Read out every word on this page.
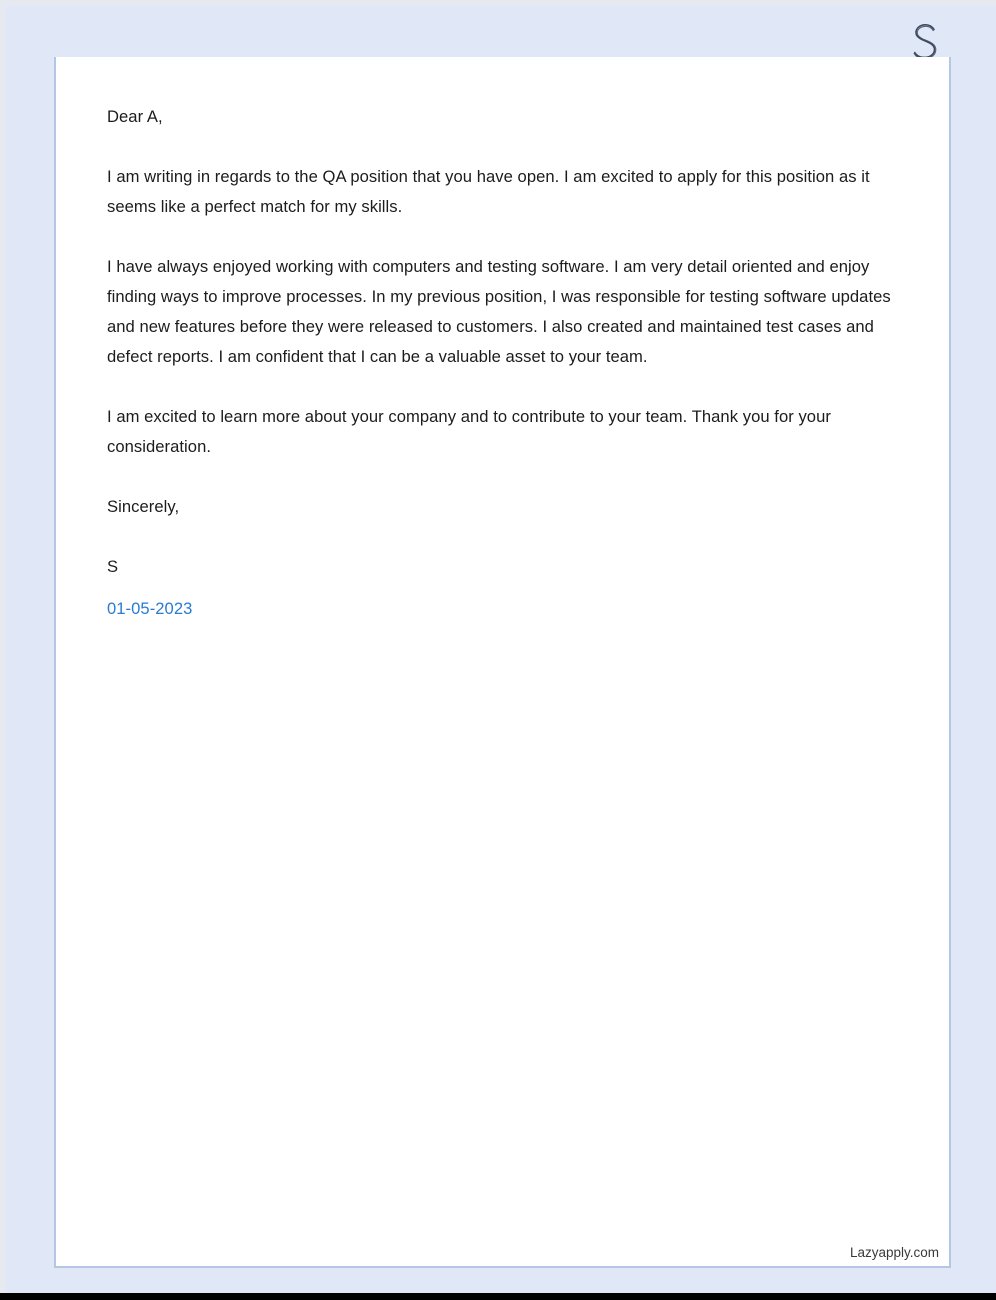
Dear A,

I am writing in regards to the QA position that you have open. I am excited to apply for this position as it seems like a perfect match for my skills.

I have always enjoyed working with computers and testing software. I am very detail oriented and enjoy finding ways to improve processes. In my previous position, I was responsible for testing software updates and new features before they were released to customers. I also created and maintained test cases and defect reports. I am confident that I can be a valuable asset to your team.

I am excited to learn more about your company and to contribute to your team. Thank you for your consideration.

Sincerely,

S

01-05-2023

Lazyapply.com
